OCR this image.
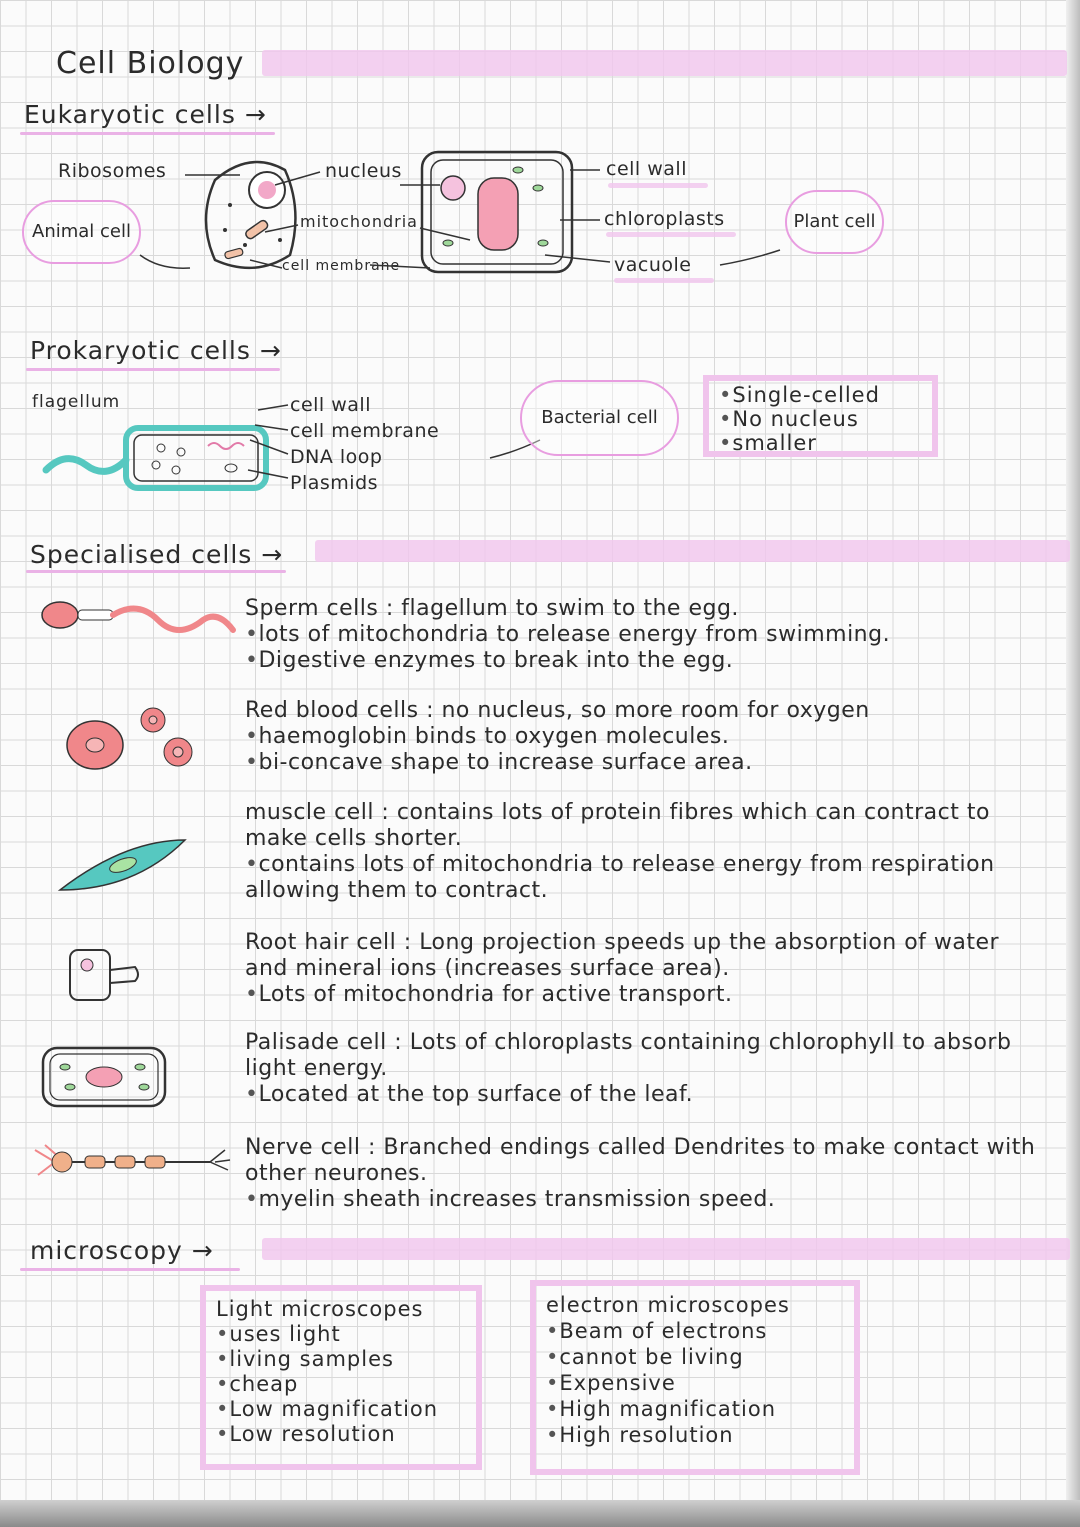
Cell Biology
Eukaryotic cells →
Ribosomes
Animal cell
nucleus
mitochondria
cell membrane
cell wall
chloroplasts
vacuole
Plant cell
Prokaryotic cells →
flagellum	cell wall
cell membrane
DNA loop
Plasmids
Bacterial cell
• Single-celled
• No nucleus
• smaller
Specialised cells →
Sperm cells : flagellum to swim to the egg.
• lots of mitochondria to release energy from swimming.
• Digestive enzymes to break into the egg.
Red blood cells : no nucleus, so more room for oxygen
• haemoglobin binds to oxygen molecules.
• bi-concave shape to increase surface area.
muscle cell : contains lots of protein fibres which can contract to make cells shorter.
• contains lots of mitochondria to release energy from respiration allowing them to contract.
Root hair cell : Long projection speeds up the absorption of water and mineral ions (increases surface area).
• Lots of mitochondria for active transport.
Palisade cell : Lots of chloroplasts containing chlorophyll to absorb light energy.
• Located at the top surface of the leaf.
Nerve cell : Branched endings called Dendrites to make contact with other neurones.
• myelin sheath increases transmission speed.
microscopy →
Light microscopes
• uses light
• living samples
• cheap
• Low magnification
• Low resolution
electron microscopes
• Beam of electrons
• cannot be living
• Expensive
• High magnification
• High resolution
